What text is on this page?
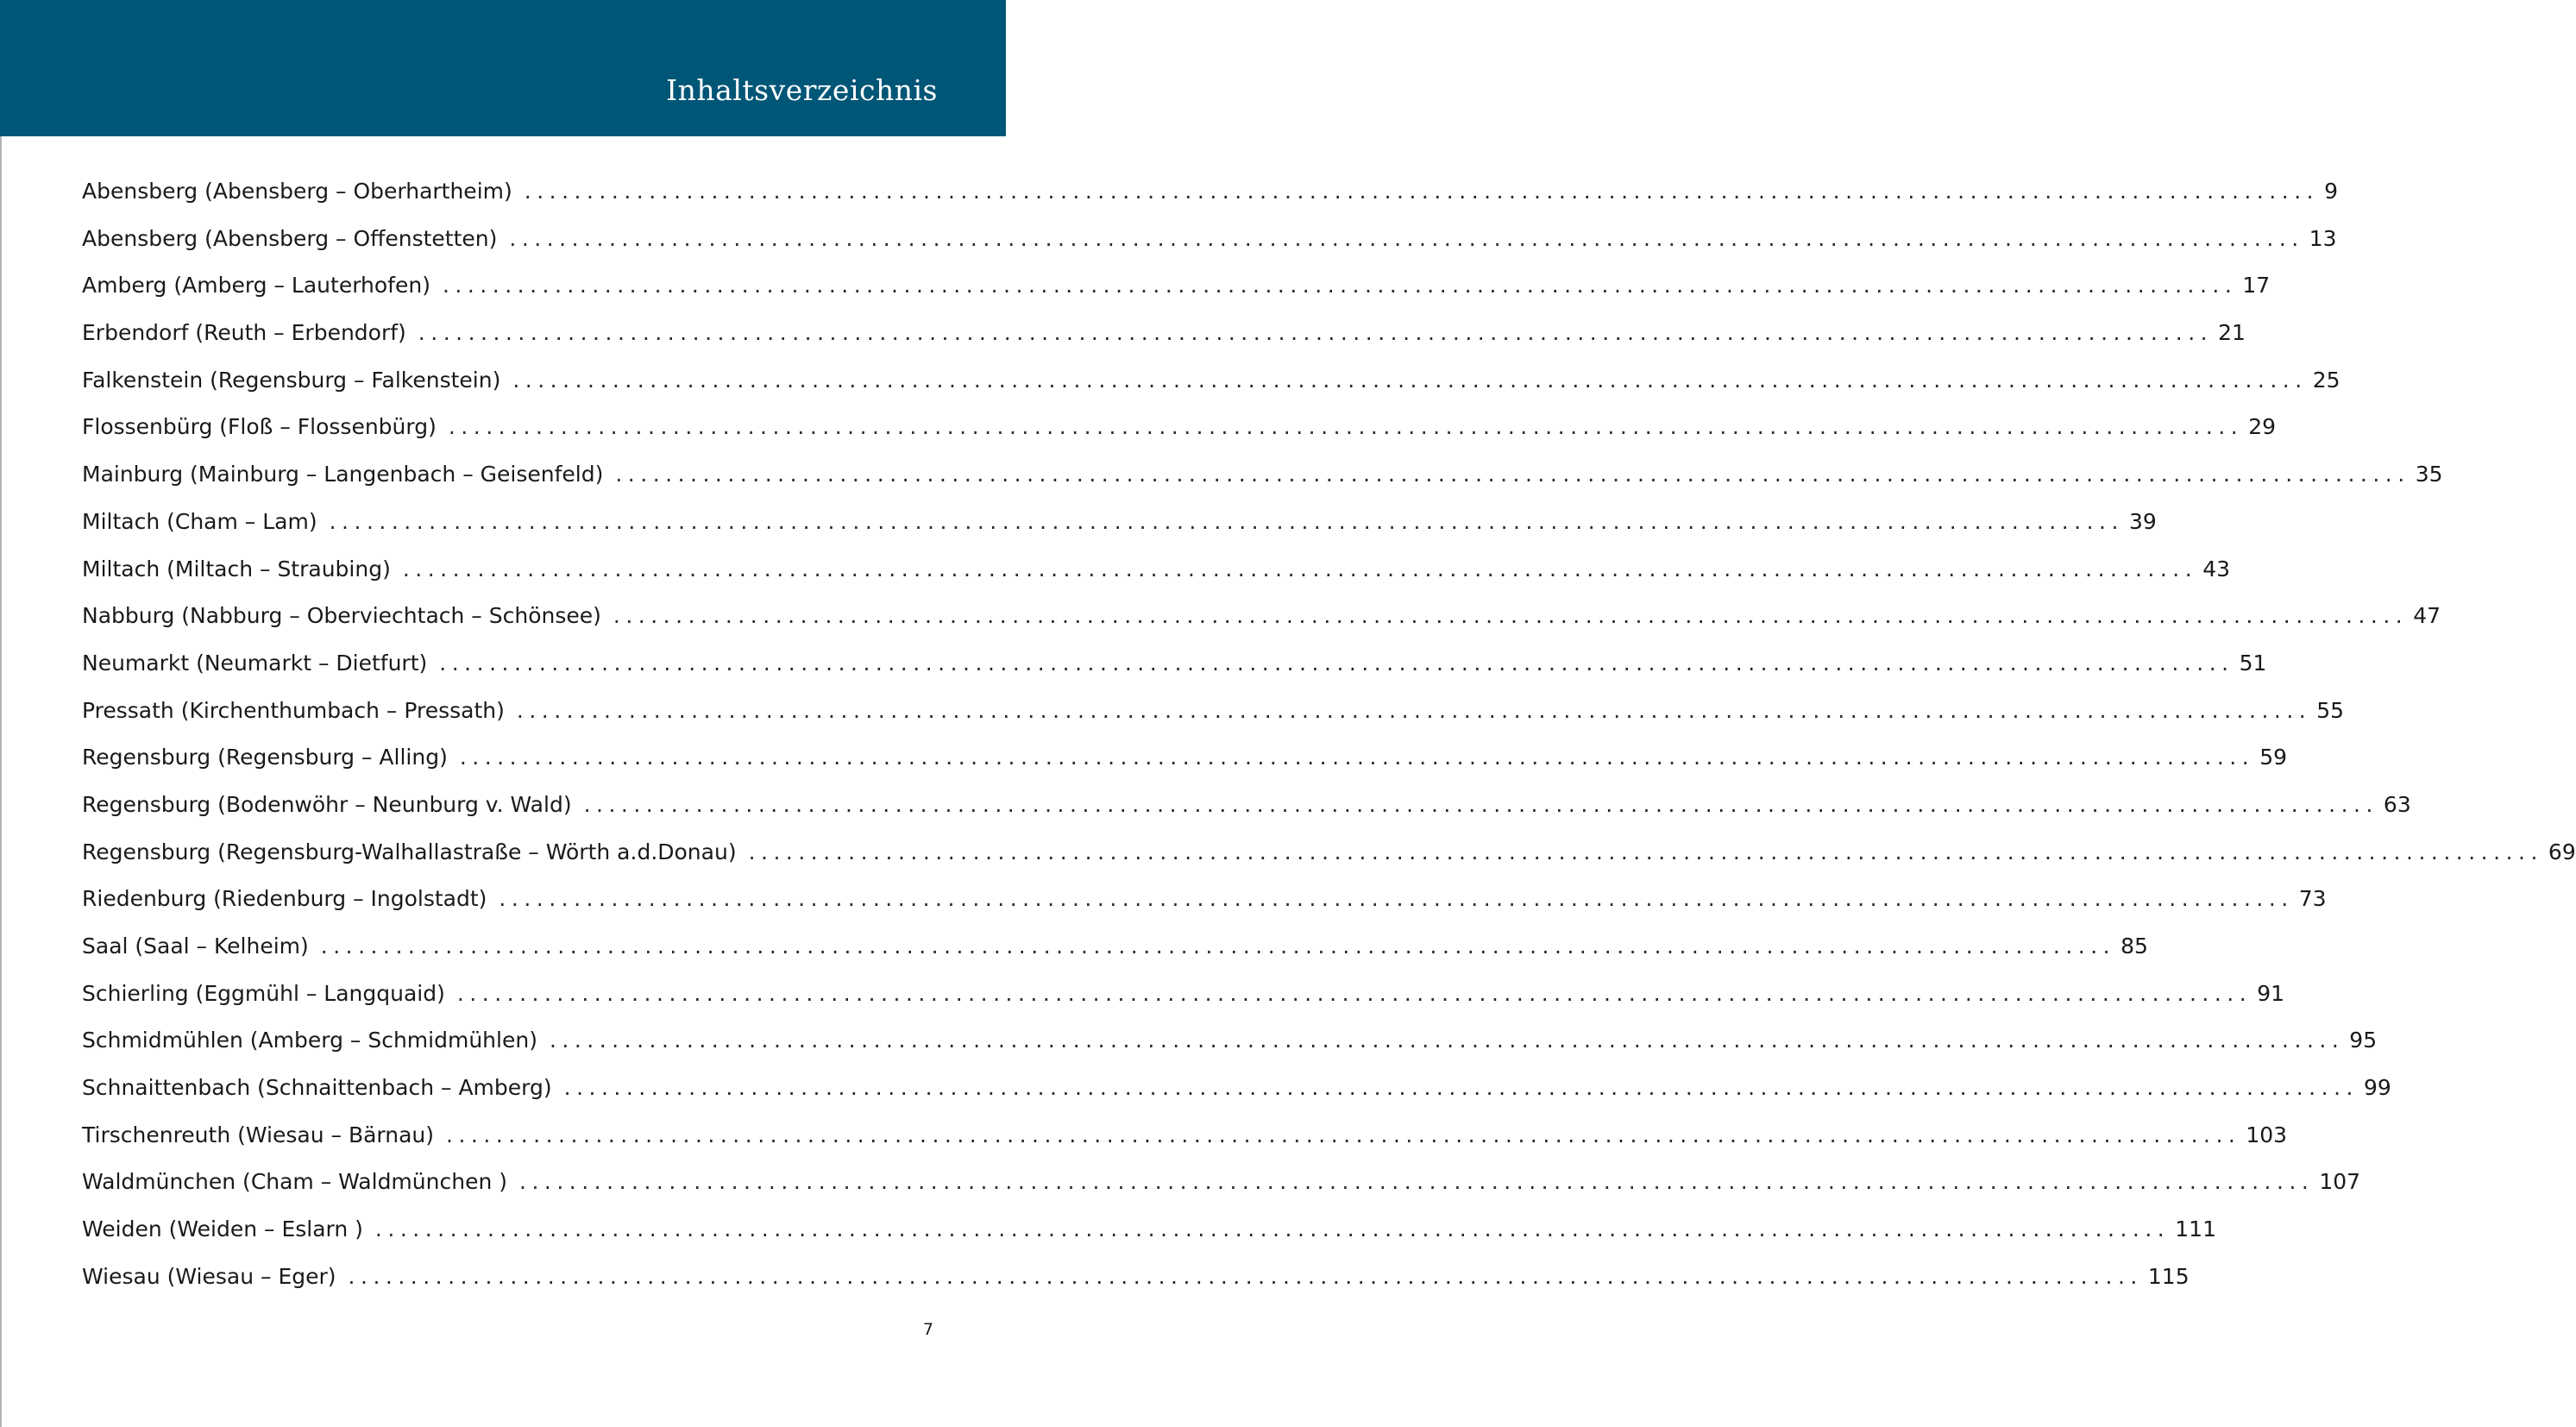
Inhaltsverzeichnis
Abensberg (Abensberg – Oberhartheim) ................................................................................................................................................ 9
Abensberg (Abensberg – Offenstetten) ................................................................................................................................................ 13
Amberg (Amberg – Lauterhofen) ................................................................................................................................................ 17
Erbendorf (Reuth – Erbendorf) ................................................................................................................................................ 21
Falkenstein (Regensburg – Falkenstein) ................................................................................................................................................ 25
Flossenbürg (Floß – Flossenbürg) ................................................................................................................................................ 29
Mainburg (Mainburg – Langenbach – Geisenfeld) ................................................................................................................................................ 35
Miltach (Cham – Lam) ................................................................................................................................................ 39
Miltach (Miltach – Straubing) ................................................................................................................................................ 43
Nabburg (Nabburg – Oberviechtach – Schönsee) ................................................................................................................................................ 47
Neumarkt (Neumarkt – Dietfurt) ................................................................................................................................................ 51
Pressath (Kirchenthumbach – Pressath) ................................................................................................................................................ 55
Regensburg (Regensburg – Alling) ................................................................................................................................................ 59
Regensburg (Bodenwöhr – Neunburg v. Wald) ................................................................................................................................................ 63
Regensburg (Regensburg-Walhallastraße – Wörth a.d.Donau) ................................................................................................................................................ 69
Riedenburg (Riedenburg – Ingolstadt) ................................................................................................................................................ 73
Saal (Saal – Kelheim) ................................................................................................................................................ 85
Schierling (Eggmühl – Langquaid) ................................................................................................................................................ 91
Schmidmühlen (Amberg – Schmidmühlen) ................................................................................................................................................ 95
Schnaittenbach (Schnaittenbach – Amberg) ................................................................................................................................................ 99
Tirschenreuth (Wiesau – Bärnau) ................................................................................................................................................ 103
Waldmünchen (Cham – Waldmünchen ) ................................................................................................................................................ 107
Weiden (Weiden – Eslarn ) ................................................................................................................................................ 111
Wiesau (Wiesau – Eger) ................................................................................................................................................ 115
7
